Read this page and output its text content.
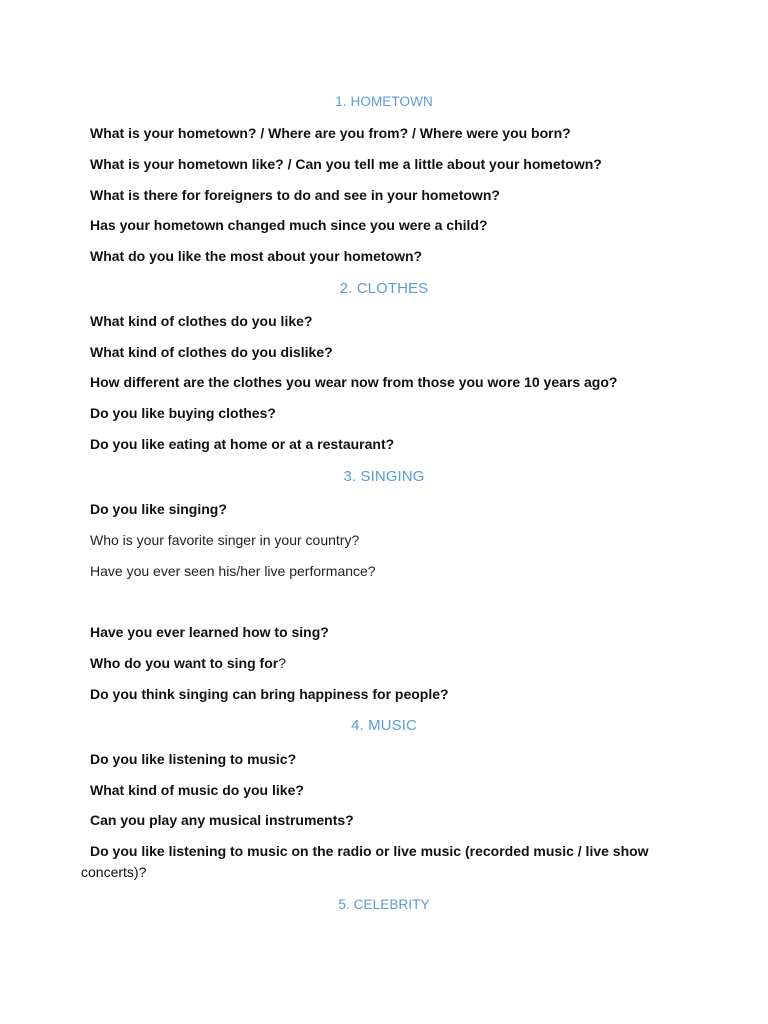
1. HOMETOWN

What is your hometown? / Where are you from? / Where were you born?

What is your hometown like? / Can you tell me a little about your hometown?

What is there for foreigners to do and see in your hometown?

Has your hometown changed much since you were a child?

What do you like the most about your hometown?

2. CLOTHES

What kind of clothes do you like?

What kind of clothes do you dislike?

How different are the clothes you wear now from those you wore 10 years ago?

Do you like buying clothes?

Do you like eating at home or at a restaurant?

3. SINGING

Do you like singing?

Who is your favorite singer in your country?

Have you ever seen his/her live performance?

Have you ever learned how to sing?

Who do you want to sing for?

Do you think singing can bring happiness for people?

4. MUSIC

Do you like listening to music?

What kind of music do you like?

Can you play any musical instruments?

Do you like listening to music on the radio or live music (recorded music / live show

concerts)?

5. CELEBRITY
